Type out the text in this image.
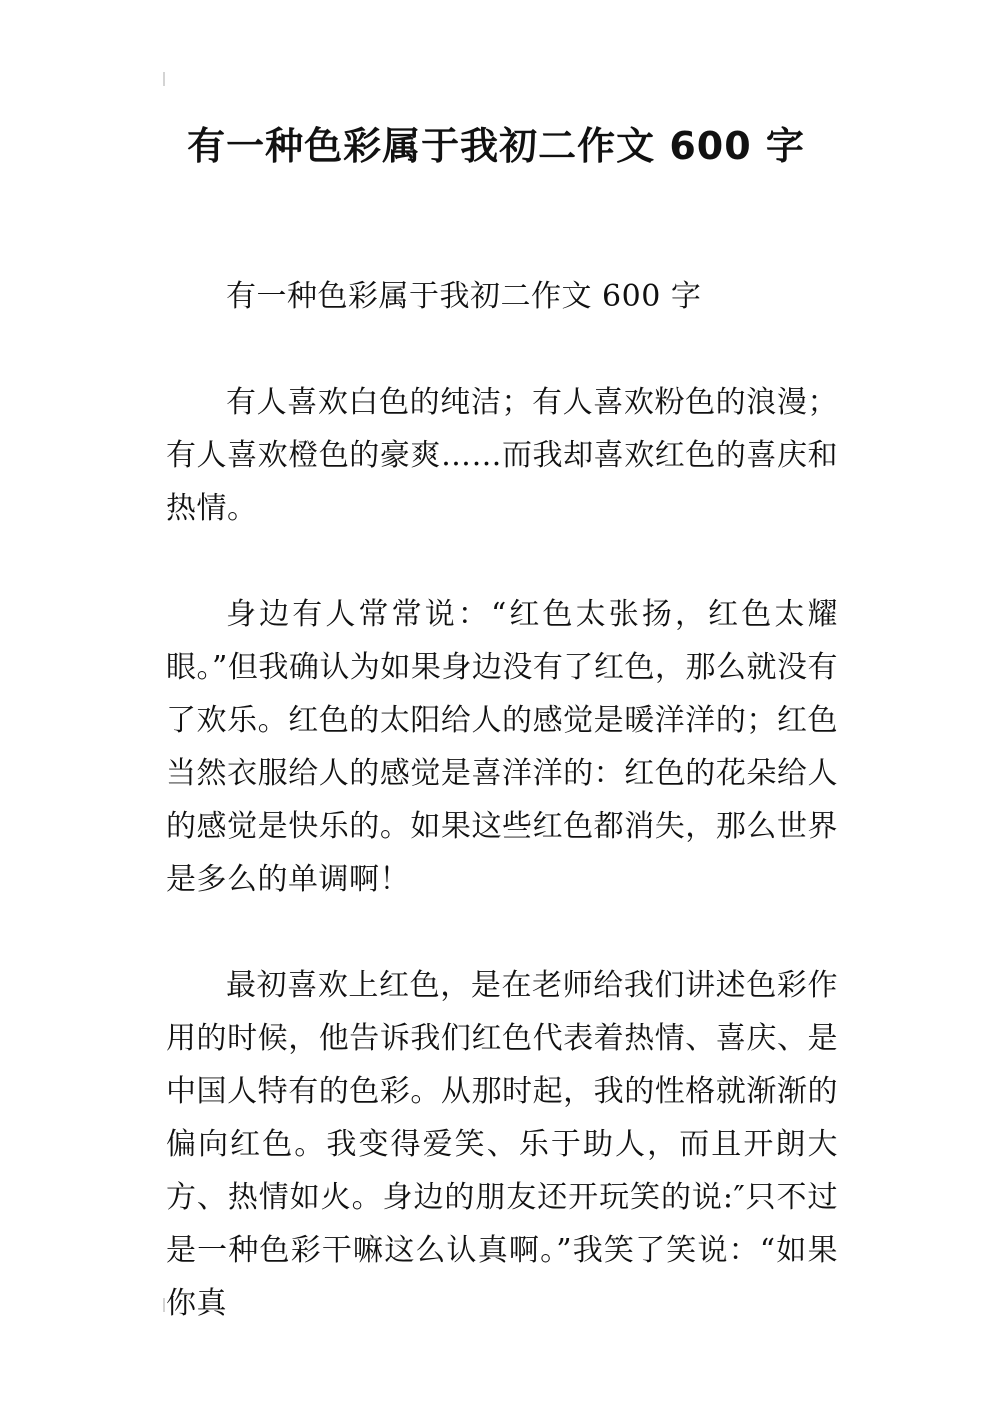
有一种色彩属于我初二作文 600 字

有一种色彩属于我初二作文 600 字

有人喜欢白色的纯洁；有人喜欢粉色的浪漫；有人喜欢橙色的豪爽……而我却喜欢红色的喜庆和热情。

身边有人常常说：“红色太张扬，红色太耀眼。”但我确认为如果身边没有了红色，那么就没有了欢乐。红色的太阳给人的感觉是暖洋洋的；红色当然衣服给人的感觉是喜洋洋的：红色的花朵给人的感觉是快乐的。如果这些红色都消失，那么世界是多么的单调啊！

最初喜欢上红色，是在老师给我们讲述色彩作用的时候，他告诉我们红色代表着热情、喜庆、是中国人特有的色彩。从那时起，我的性格就渐渐的偏向红色。我变得爱笑、乐于助人，而且开朗大方、热情如火。身边的朋友还开玩笑的说:″只不过是一种色彩干嘛这么认真啊。”我笑了笑说：“如果你真
